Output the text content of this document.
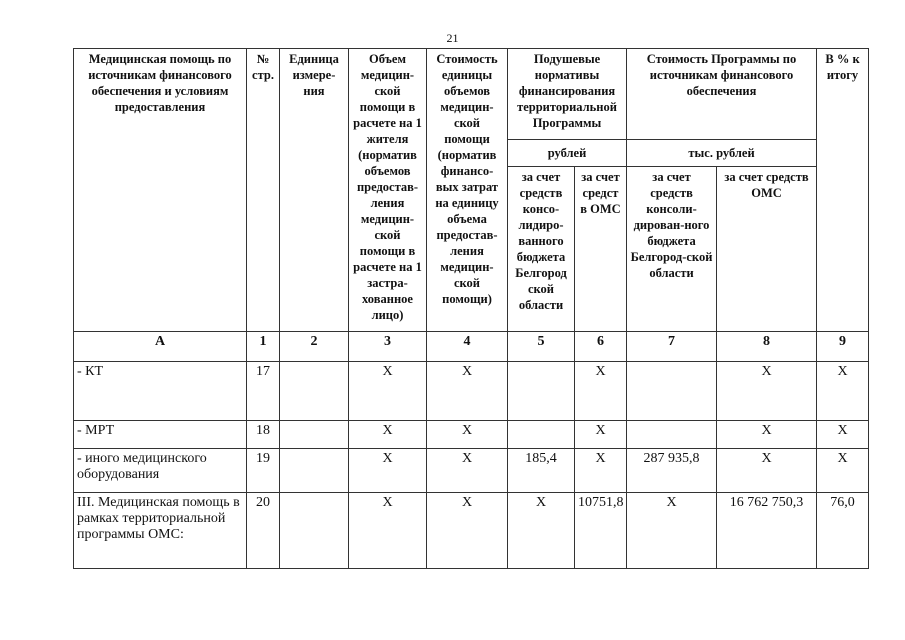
21
Медицинская помощь по источникам финансового обеспечения и условиям предоставления	№ стр.	Единица измере-ния	Объем медицин-ской помощи в расчете на 1 жителя (норматив объемов предостав-ления медицин-ской помощи в расчете на 1 застра-хованное лицо)	Стоимость единицы объемов медицин-ской помощи (норматив финансо-вых затрат на единицу объема предостав-ления медицин-ской помощи)	Подушевые нормативы финансирования территориальной Программы		Стоимость Программы по источникам финансового обеспечения		В % к итогу
					рублей		тыс. рублей		
					за счет средств консо-лидиро-ванного бюджета Белгород ской области	за счет средст в ОМС	за счет средств консоли-дирован-ного бюджета Белгород-ской области	за счет средств ОМС	
А	1	2	3	4	5	6	7	8	9
- КТ	17		Х	Х		Х		Х	Х
- МРТ	18		Х	Х		Х		Х	Х
- иного медицинского оборудования	19		Х	Х	185,4	Х	287 935,8	Х	Х
III. Медицинская помощь в рамках территориальной программы ОМС:	20		Х	Х	Х	10751,8	Х	16 762 750,3	76,0
